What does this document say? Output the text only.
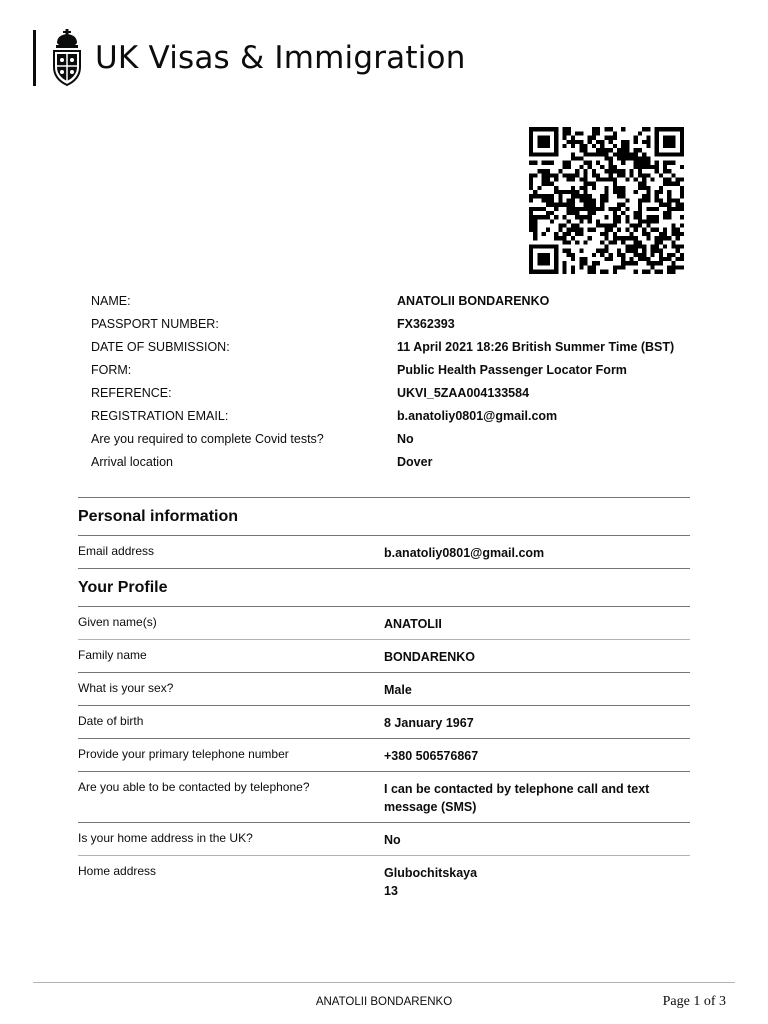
UK Visas & Immigration
NAME:	ANATOLII BONDARENKO
PASSPORT NUMBER:	FX362393
DATE OF SUBMISSION:	11 April 2021 18:26 British Summer Time (BST)
FORM:	Public Health Passenger Locator Form
REFERENCE:	UKVI_5ZAA004133584
REGISTRATION EMAIL:	b.anatoliy0801@gmail.com
Are you required to complete Covid tests?	No
Arrival location	Dover
Personal information
Email address	b.anatoliy0801@gmail.com
Your Profile
Given name(s)	ANATOLII
Family name	BONDARENKO
What is your sex?	Male
Date of birth	8 January 1967
Provide your primary telephone number	+380 506576867
Are you able to be contacted by telephone?	I can be contacted by telephone call and text message (SMS)
Is your home address in the UK?	No
Home address	Glubochitskaya
13
ANATOLII BONDARENKO	Page 1 of 3
